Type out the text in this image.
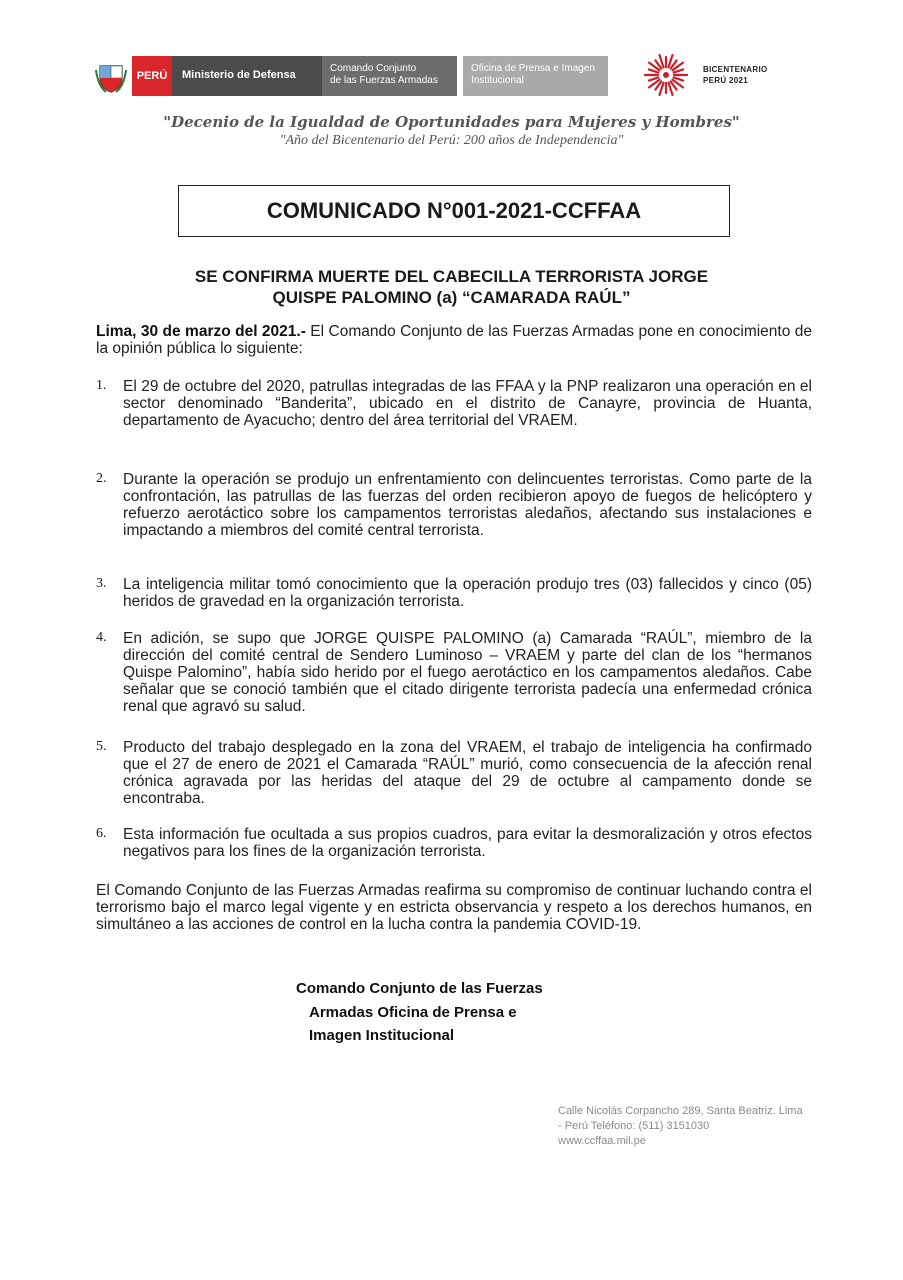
PERÚ	Ministerio de Defensa
Comando Conjunto
de las Fuerzas Armadas
Oficina de Prensa e Imagen Institucional
BICENTENARIO
PERÚ 2021
"Decenio de la Igualdad de Oportunidades para Mujeres y Hombres"
"Año del Bicentenario del Perú: 200 años de Independencia"
COMUNICADO N°001-2021-CCFFAA
SE CONFIRMA MUERTE DEL CABECILLA TERRORISTA JORGE
QUISPE PALOMINO (a) “CAMARADA RAÚL”
Lima, 30 de marzo del 2021.- El Comando Conjunto de las Fuerzas Armadas pone en conocimiento de la opinión pública lo siguiente:
1. El 29 de octubre del 2020, patrullas integradas de las FFAA y la PNP realizaron una operación en el sector denominado “Banderita”, ubicado en el distrito de Canayre, provincia de Huanta, departamento de Ayacucho; dentro del área territorial del VRAEM.
2. Durante la operación se produjo un enfrentamiento con delincuentes terroristas. Como parte de la confrontación, las patrullas de las fuerzas del orden recibieron apoyo de fuegos de helicóptero y refuerzo aerotáctico sobre los campamentos terroristas aledaños, afectando sus instalaciones e impactando a miembros del comité central terrorista.
3. La inteligencia militar tomó conocimiento que la operación produjo tres (03) fallecidos y cinco (05) heridos de gravedad en la organización terrorista.
4. En adición, se supo que JORGE QUISPE PALOMINO (a) Camarada “RAÚL”, miembro de la dirección del comité central de Sendero Luminoso – VRAEM y parte del clan de los “hermanos Quispe Palomino”, había sido herido por el fuego aerotáctico en los campamentos aledaños. Cabe señalar que se conoció también que el citado dirigente terrorista padecía una enfermedad crónica renal que agravó su salud.
5. Producto del trabajo desplegado en la zona del VRAEM, el trabajo de inteligencia ha confirmado que el 27 de enero de 2021 el Camarada “RAÚL” murió, como consecuencia de la afección renal crónica agravada por las heridas del ataque del 29 de octubre al campamento donde se encontraba.
6. Esta información fue ocultada a sus propios cuadros, para evitar la desmoralización y otros efectos negativos para los fines de la organización terrorista.
El Comando Conjunto de las Fuerzas Armadas reafirma su compromiso de continuar luchando contra el terrorismo bajo el marco legal vigente y en estricta observancia y respeto a los derechos humanos, en simultáneo a las acciones de control en la lucha contra la pandemia COVID-19.
Comando Conjunto de las Fuerzas
Armadas Oficina de Prensa e
Imagen Institucional
Calle Nicolás Corpancho 289, Santa Beatriz. Lima
- Perú Teléfono: (511) 3151030
www.ccffaa.mil.pe
